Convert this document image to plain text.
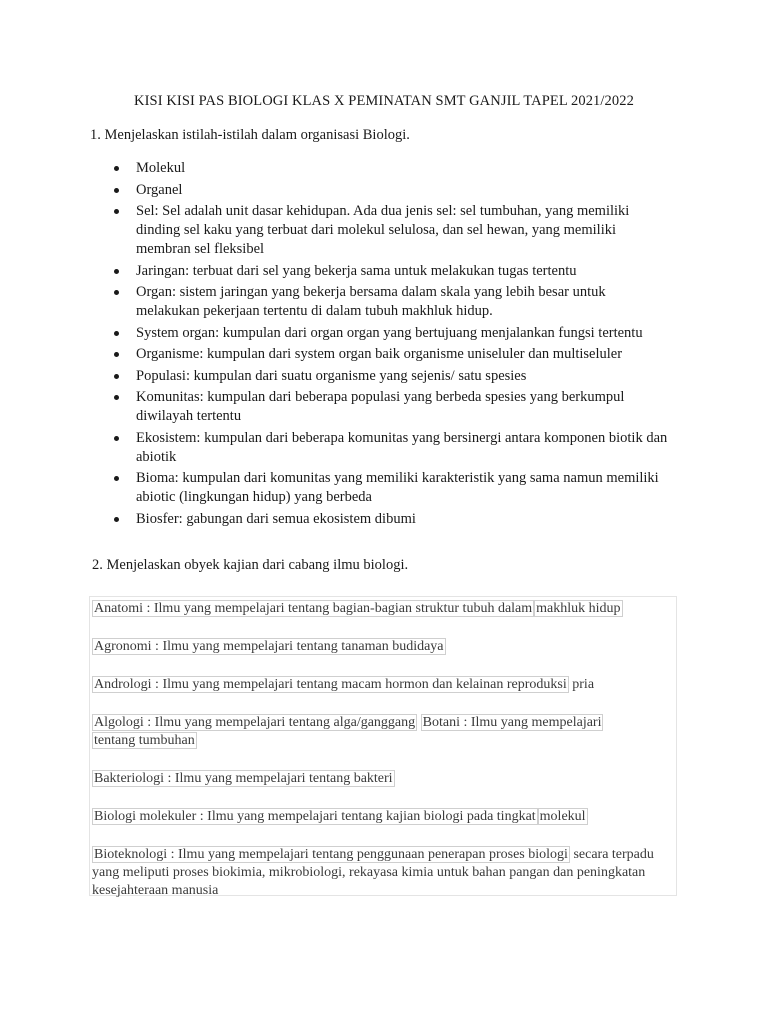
KISI KISI PAS BIOLOGI KLAS X PEMINATAN SMT GANJIL TAPEL 2021/2022
1. Menjelaskan istilah-istilah dalam organisasi Biologi.
Molekul
Organel
Sel: Sel adalah unit dasar kehidupan. Ada dua jenis sel: sel tumbuhan, yang memiliki dinding sel kaku yang terbuat dari molekul selulosa, dan sel hewan, yang memiliki membran sel fleksibel
Jaringan: terbuat dari sel yang bekerja sama untuk melakukan tugas tertentu
Organ: sistem jaringan yang bekerja bersama dalam skala yang lebih besar untuk melakukan pekerjaan tertentu di dalam tubuh makhluk hidup.
System organ: kumpulan dari organ organ yang bertujuang menjalankan fungsi tertentu
Organisme: kumpulan dari system organ baik organisme uniseluler dan multiseluler
Populasi: kumpulan dari suatu organisme yang sejenis/ satu spesies
Komunitas: kumpulan dari beberapa populasi yang berbeda spesies yang berkumpul diwilayah tertentu
Ekosistem: kumpulan dari beberapa komunitas yang bersinergi antara komponen biotik dan abiotik
Bioma: kumpulan dari komunitas yang memiliki karakteristik yang sama namun memiliki abiotic (lingkungan hidup) yang berbeda
Biosfer: gabungan dari semua ekosistem dibumi
2. Menjelaskan obyek kajian dari cabang ilmu biologi.

Anatomi : Ilmu yang mempelajari tentang bagian-bagian struktur tubuh dalam makhluk hidup

Agronomi : Ilmu yang mempelajari tentang tanaman budidaya

Andrologi : Ilmu yang mempelajari tentang macam hormon dan kelainan reproduksi pria

Algologi : Ilmu yang mempelajari tentang alga/ganggang Botani : Ilmu yang mempelajari
tentang tumbuhan

Bakteriologi : Ilmu yang mempelajari tentang bakteri

Biologi molekuler : Ilmu yang mempelajari tentang kajian biologi pada tingkat molekul

Bioteknologi : Ilmu yang mempelajari tentang penggunaan penerapan proses biologi secara terpadu yang meliputi proses biokimia, mikrobiologi, rekayasa kimia untuk bahan pangan dan peningkatan kesejahteraan manusia
